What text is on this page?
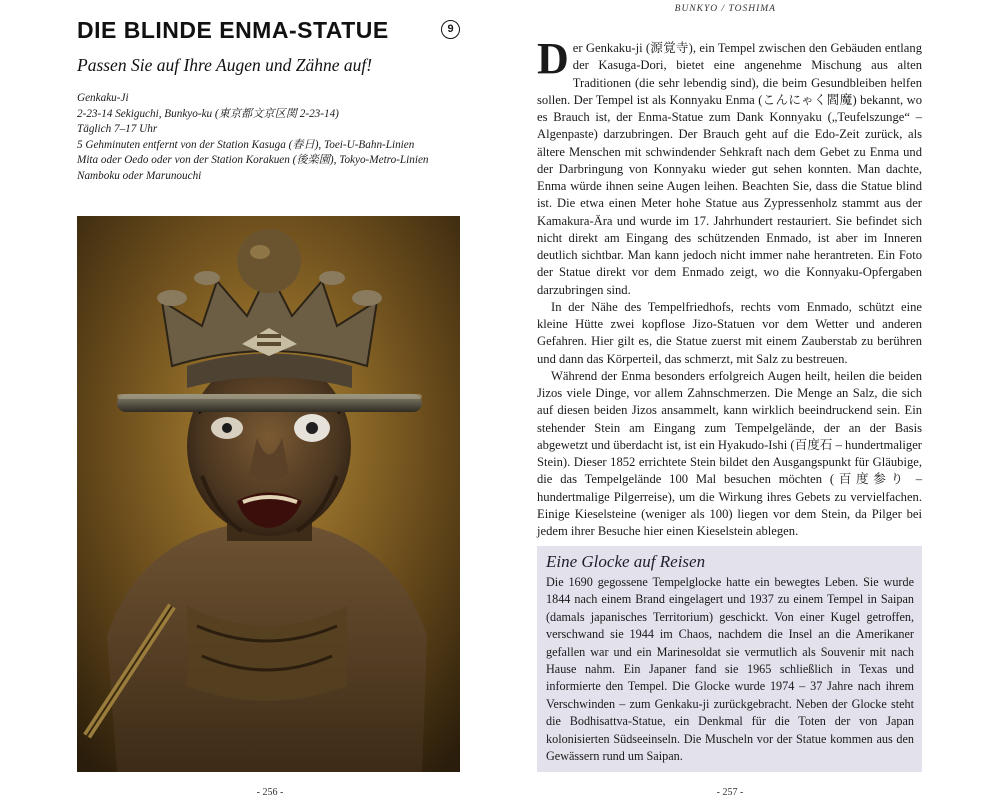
DIE BLINDE ENMA-STATUE	9
Passen Sie auf Ihre Augen und Zähne auf!
Genkaku-Ji
2-23-14 Sekiguchi, Bunkyo-ku (東京都文京区関 2-23-14)
Täglich 7–17 Uhr
5 Gehminuten entfernt von der Station Kasuga (春日), Toei-U-Bahn-Linien
Mita oder Oedo oder von der Station Korakuen (後楽園), Tokyo-Metro-Linien
Namboku oder Marunouchi
- 256 -
BUNKYO / TOSHIMA

Der Genkaku-ji (源覚寺), ein Tempel zwischen den Gebäuden entlang der Kasuga-Dori, bietet eine angenehme Mischung aus alten Traditionen (die sehr lebendig sind), die beim Gesundbleiben helfen sollen. Der Tempel ist als Konnyaku Enma (こんにゃく閻魔) bekannt, wo es Brauch ist, der Enma-Statue zum Dank Konnyaku („Teufelszunge“ – Algenpaste) darzubringen. Der Brauch geht auf die Edo-Zeit zurück, als ältere Menschen mit schwindender Sehkraft nach dem Gebet zu Enma und der Darbringung von Konnyaku wieder gut sehen konnten. Man dachte, Enma würde ihnen seine Augen leihen. Beachten Sie, dass die Statue blind ist. Die etwa einen Meter hohe Statue aus Zypressenholz stammt aus der Kamakura-Ära und wurde im 17. Jahrhundert restauriert. Sie befindet sich nicht direkt am Eingang des schützenden Enmado, ist aber im Inneren deutlich sichtbar. Man kann jedoch nicht immer nahe herantreten. Ein Foto der Statue direkt vor dem Enmado zeigt, wo die Konnyaku-Opfergaben darzubringen sind.

In der Nähe des Tempelfriedhofs, rechts vom Enmado, schützt eine kleine Hütte zwei kopflose Jizo-Statuen vor dem Wetter und anderen Gefahren. Hier gilt es, die Statue zuerst mit einem Zauberstab zu berühren und dann das Körperteil, das schmerzt, mit Salz zu bestreuen.

Während der Enma besonders erfolgreich Augen heilt, heilen die beiden Jizos viele Dinge, vor allem Zahnschmerzen. Die Menge an Salz, die sich auf diesen beiden Jizos ansammelt, kann wirklich beeindruckend sein. Ein stehender Stein am Eingang zum Tempelgelände, der an der Basis abgewetzt und überdacht ist, ist ein Hyakudo-Ishi (百度石 – hundertmaliger Stein). Dieser 1852 errichtete Stein bildet den Ausgangspunkt für Gläubige, die das Tempelgelände 100 Mal besuchen möchten (百度参り – hundertmalige Pilgerreise), um die Wirkung ihres Gebets zu vervielfachen. Einige Kieselsteine (weniger als 100) liegen vor dem Stein, da Pilger bei jedem ihrer Besuche hier einen Kieselstein ablegen.

Eine Glocke auf Reisen
Die 1690 gegossene Tempelglocke hatte ein bewegtes Leben. Sie wurde 1844 nach einem Brand eingelagert und 1937 zu einem Tempel in Saipan (damals japanisches Territorium) geschickt. Von einer Kugel getroffen, verschwand sie 1944 im Chaos, nachdem die Insel an die Amerikaner gefallen war und ein Marinesoldat sie vermutlich als Souvenir mit nach Hause nahm. Ein Japaner fand sie 1965 schließlich in Texas und informierte den Tempel. Die Glocke wurde 1974 – 37 Jahre nach ihrem Verschwinden – zum Genkaku-ji zurückgebracht. Neben der Glocke steht die Bodhisattva-Statue, ein Denkmal für die Toten der von Japan kolonisierten Südseeinseln. Die Muscheln vor der Statue kommen aus den Gewässern rund um Saipan.
- 257 -
